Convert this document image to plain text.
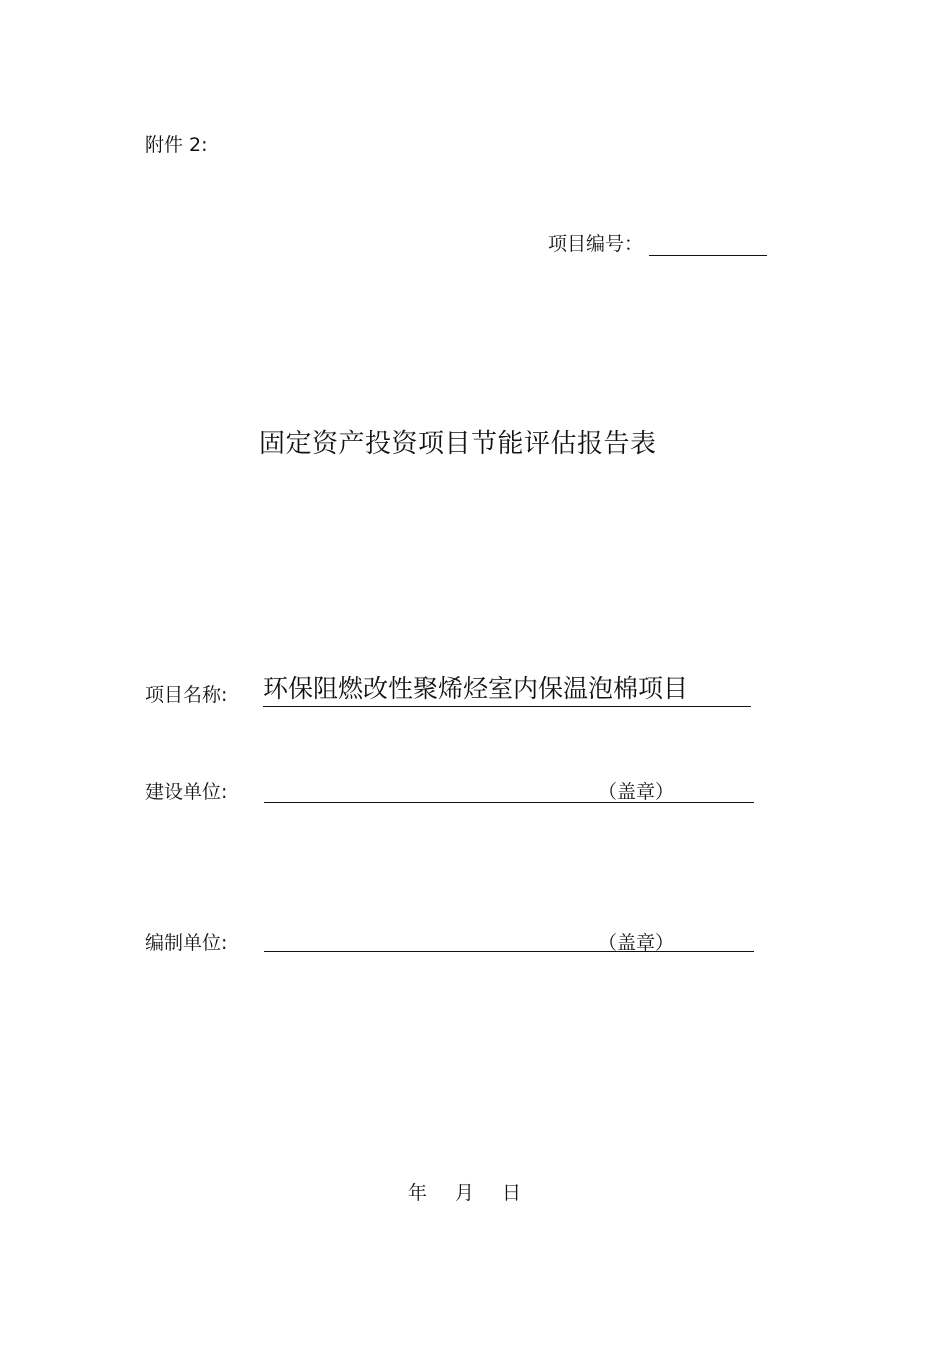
附件 2:
项目编号：
固定资产投资项目节能评估报告表
项目名称: 环保阻燃改性聚烯烃室内保温泡棉项目
建设单位:	（盖章）
编制单位:	（盖章）
年 月 日
